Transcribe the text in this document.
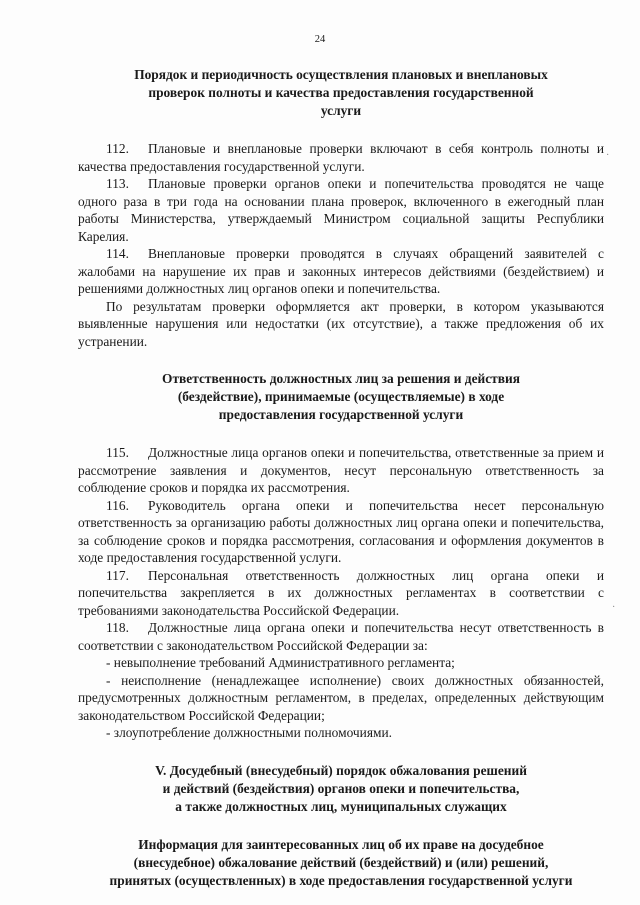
24
Порядок и периодичность осуществления плановых и внеплановых
проверок полноты и качества предоставления государственной
услуги

112. Плановые и внеплановые проверки включают в себя контроль полноты и качества предоставления государственной услуги.

113. Плановые проверки органов опеки и попечительства проводятся не чаще одного раза в три года на основании плана проверок, включенного в ежегодный план работы Министерства, утверждаемый Министром социальной защиты Республики Карелия.

114. Внеплановые проверки проводятся в случаях обращений заявителей с жалобами на нарушение их прав и законных интересов действиями (бездействием) и решениями должностных лиц органов опеки и попечительства.

По результатам проверки оформляется акт проверки, в котором указываются выявленные нарушения или недостатки (их отсутствие), а также предложения об их устранении.

Ответственность должностных лиц за решения и действия
(бездействие), принимаемые (осуществляемые) в ходе
предоставления государственной услуги

115. Должностные лица органов опеки и попечительства, ответственные за прием и рассмотрение заявления и документов, несут персональную ответственность за соблюдение сроков и порядка их рассмотрения.

116. Руководитель органа опеки и попечительства несет персональную ответственность за организацию работы должностных лиц органа опеки и попечительства, за соблюдение сроков и порядка рассмотрения, согласования и оформления документов в ходе предоставления государственной услуги.

117. Персональная ответственность должностных лиц органа опеки и попечительства закрепляется в их должностных регламентах в соответствии с требованиями законодательства Российской Федерации.

118. Должностные лица органа опеки и попечительства несут ответственность в соответствии с законодательством Российской Федерации за:

- невыполнение требований Административного регламента;

- неисполнение (ненадлежащее исполнение) своих должностных обязанностей, предусмотренных должностным регламентом, в пределах, определенных действующим законодательством Российской Федерации;

- злоупотребление должностными полномочиями.

V. Досудебный (внесудебный) порядок обжалования решений
и действий (бездействия) органов опеки и попечительства,
а также должностных лиц, муниципальных служащих
Информация для заинтересованных лиц об их праве на досудебное
(внесудебное) обжалование действий (бездействий) и (или) решений,
принятых (осуществленных) в ходе предоставления государственной услуги
·
·
